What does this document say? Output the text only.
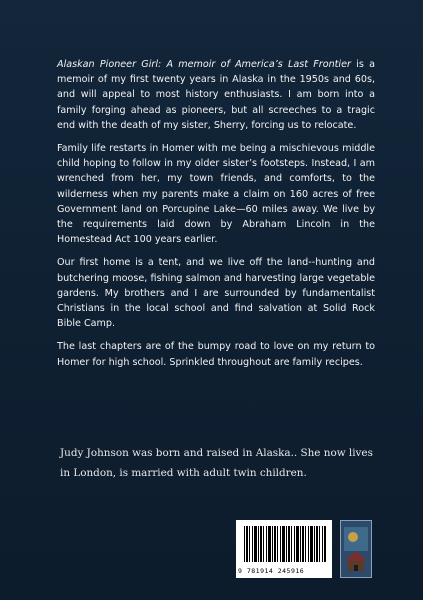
Alaskan Pioneer Girl: A memoir of America’s Last Frontier is a memoir of my first twenty years in Alaska in the 1950s and 60s, and will appeal to most history enthusiasts. I am born into a family forging ahead as pioneers, but all screeches to a tragic end with the death of my sister, Sherry, forcing us to relocate.

Family life restarts in Homer with me being a mischievous middle child hoping to follow in my older sister’s footsteps. Instead, I am wrenched from her, my town friends, and comforts, to the wilderness when my parents make a claim on 160 acres of free Government land on Porcupine Lake—60 miles away. We live by the requirements laid down by Abraham Lincoln in the Homestead Act 100 years earlier.

Our first home is a tent, and we live off the land--hunting and butchering moose, fishing salmon and harvesting large vegetable gardens. My brothers and I are surrounded by fundamentalist Christians in the local school and find salvation at Solid Rock Bible Camp.

The last chapters are of the bumpy road to love on my return to Homer for high school. Sprinkled throughout are family recipes.

Judy Johnson was born and raised in Alaska.. She now lives in London, is married with adult twin children.
9 781914 245916
